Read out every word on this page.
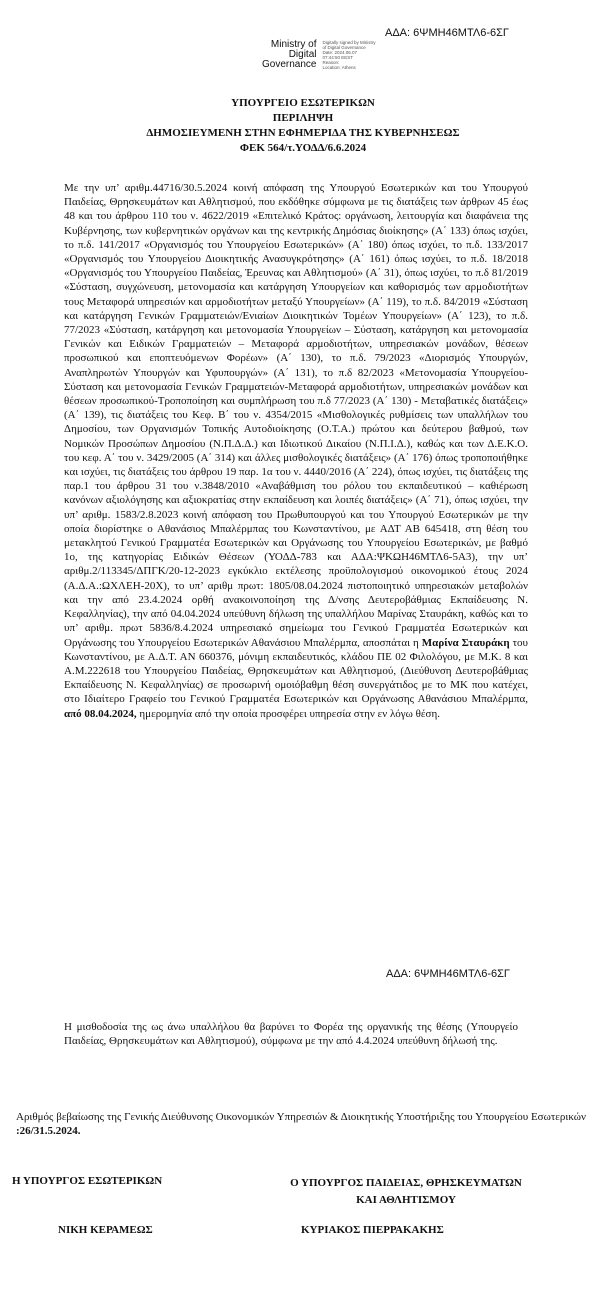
ΑΔΑ: 6ΨΜΗ46ΜΤΛ6-6ΣΓ
Ministry of
Digital
Governance
Digitally signed by Ministry
of Digital Governance
Date: 2024.06.07
07:44:50 EEST
Reason:
Location: Athens
ΥΠΟΥΡΓΕΙΟ ΕΣΩΤΕΡΙΚΩΝ
ΠΕΡΙΛΗΨΗ
ΔΗΜΟΣΙΕΥΜΕΝΗ ΣΤΗΝ ΕΦΗΜΕΡΙΔΑ ΤΗΣ ΚΥΒΕΡΝΗΣΕΩΣ
ΦΕΚ 564/τ.ΥΟΔΔ/6.6.2024

Με την υπ’ αριθμ.44716/30.5.2024 κοινή απόφαση της Υπουργού Εσωτερικών και του Υπουργού Παιδείας, Θρησκευμάτων και Αθλητισμού, που εκδόθηκε σύμφωνα με τις διατάξεις των άρθρων 45 έως 48 και του άρθρου 110 του ν. 4622/2019 «Επιτελικό Κράτος: οργάνωση, λειτουργία και διαφάνεια της Κυβέρνησης, των κυβερνητικών οργάνων και της κεντρικής Δημόσιας διοίκησης» (Α΄ 133) όπως ισχύει, το π.δ. 141/2017 «Οργανισμός του Υπουργείου Εσωτερικών» (Α΄ 180) όπως ισχύει, το π.δ. 133/2017 «Οργανισμός του Υπουργείου Διοικητικής Ανασυγκρότησης» (Α΄ 161) όπως ισχύει, το π.δ. 18/2018 «Οργανισμός του Υπουργείου Παιδείας, Έρευνας και Αθλητισμού» (Α΄ 31), όπως ισχύει, το π.δ 81/2019 «Σύσταση, συγχώνευση, μετονομασία και κατάργηση Υπουργείων και καθορισμός των αρμοδιοτήτων τους Μεταφορά υπηρεσιών και αρμοδιοτήτων μεταξύ Υπουργείων» (Α΄ 119), το π.δ. 84/2019 «Σύσταση και κατάργηση Γενικών Γραμματειών/Ενιαίων Διοικητικών Τομέων Υπουργείων» (Α΄ 123), το π.δ. 77/2023 «Σύσταση, κατάργηση και μετονομασία Υπουργείων – Σύσταση, κατάργηση και μετονομασία Γενικών και Ειδικών Γραμματειών – Μεταφορά αρμοδιοτήτων, υπηρεσιακών μονάδων, θέσεων προσωπικού και εποπτευόμενων Φορέων» (Α΄ 130), το π.δ. 79/2023 «Διορισμός Υπουργών, Αναπληρωτών Υπουργών και Υφυπουργών» (Α΄ 131), το π.δ 82/2023 «Μετονομασία Υπουργείου-Σύσταση και μετονομασία Γενικών Γραμματειών-Μεταφορά αρμοδιοτήτων, υπηρεσιακών μονάδων και θέσεων προσωπικού-Τροποποίηση και συμπλήρωση του π.δ 77/2023 (Α΄ 130) - Μεταβατικές διατάξεις» (Α΄ 139), τις διατάξεις του Κεφ. Β΄ του ν. 4354/2015 «Μισθολογικές ρυθμίσεις των υπαλλήλων του Δημοσίου, των Οργανισμών Τοπικής Αυτοδιοίκησης (Ο.Τ.Α.) πρώτου και δεύτερου βαθμού, των Νομικών Προσώπων Δημοσίου (Ν.Π.Δ.Δ.) και Ιδιωτικού Δικαίου (Ν.Π.Ι.Δ.), καθώς και των Δ.Ε.Κ.Ο. του κεφ. Α΄ του ν. 3429/2005 (Α΄ 314) και άλλες μισθολογικές διατάξεις» (Α΄ 176) όπως τροποποιήθηκε και ισχύει, τις διατάξεις του άρθρου 19 παρ. 1α του ν. 4440/2016 (Α΄ 224), όπως ισχύει, τις διατάξεις της παρ.1 του άρθρου 31 του ν.3848/2010 «Αναβάθμιση του ρόλου του εκπαιδευτικού – καθιέρωση κανόνων αξιολόγησης και αξιοκρατίας στην εκπαίδευση και λοιπές διατάξεις» (Α΄ 71), όπως ισχύει, την υπ’ αριθμ. 1583/2.8.2023 κοινή απόφαση του Πρωθυπουργού και του Υπουργού Εσωτερικών με την οποία διορίστηκε ο Αθανάσιος Μπαλέρμπας του Κωνσταντίνου, με ΑΔΤ ΑΒ 645418, στη θέση του μετακλητού Γενικού Γραμματέα Εσωτερικών και Οργάνωσης του Υπουργείου Εσωτερικών, με βαθμό 1ο, της κατηγορίας Ειδικών Θέσεων (ΥΟΔΔ-783 και ΑΔΑ:ΨΚΩΗ46ΜΤΛ6-5Α3), την υπ’ αριθμ.2/113345/ΔΠΓΚ/20-12-2023 εγκύκλιο εκτέλεσης προϋπολογισμού οικονομικού έτους 2024 (Α.Δ.Α.:ΩΧΛΕΗ-20Χ), το υπ’ αριθμ πρωτ: 1805/08.04.2024 πιστοποιητικό υπηρεσιακών μεταβολών και την από 23.4.2024 ορθή ανακοινοποίηση της Δ/νσης Δευτεροβάθμιας Εκπαίδευσης Ν. Κεφαλληνίας), την από 04.04.2024 υπεύθυνη δήλωση της υπαλλήλου Μαρίνας Σταυράκη, καθώς και το υπ’ αριθμ. πρωτ 5836/8.4.2024 υπηρεσιακό σημείωμα του Γενικού Γραμματέα Εσωτερικών και Οργάνωσης του Υπουργείου Εσωτερικών Αθανάσιου Μπαλέρμπα, αποσπάται η Μαρίνα Σταυράκη του Κωνσταντίνου, με Α.Δ.Τ. ΑΝ 660376, μόνιμη εκπαιδευτικός, κλάδου ΠΕ 02 Φιλολόγου, με Μ.Κ. 8 και Α.Μ.222618 του Υπουργείου Παιδείας, Θρησκευμάτων και Αθλητισμού, (Διεύθυνση Δευτεροβάθμιας Εκπαίδευσης Ν. Κεφαλληνίας) σε προσωρινή ομοιόβαθμη θέση συνεργάτιδος με το ΜΚ που κατέχει, στο Ιδιαίτερο Γραφείο του Γενικού Γραμματέα Εσωτερικών και Οργάνωσης Αθανάσιου Μπαλέρμπα, από 08.04.2024, ημερομηνία από την οποία προσφέρει υπηρεσία στην εν λόγω θέση.

ΑΔΑ: 6ΨΜΗ46ΜΤΛ6-6ΣΓ

Η μισθοδοσία της ως άνω υπαλλήλου θα βαρύνει το Φορέα της οργανικής της θέσης (Υπουργείο Παιδείας, Θρησκευμάτων και Αθλητισμού), σύμφωνα με την από 4.4.2024 υπεύθυνη δήλωσή της.

Αριθμός βεβαίωσης της Γενικής Διεύθυνσης Οικονομικών Υπηρεσιών & Διοικητικής Υποστήριξης του Υπουργείου Εσωτερικών :26/31.5.2024.

Η ΥΠΟΥΡΓΟΣ ΕΣΩΤΕΡΙΚΩΝ	Ο ΥΠΟΥΡΓΟΣ ΠΑΙΔΕΙΑΣ, ΘΡΗΣΚΕΥΜΑΤΩΝ
ΚΑΙ ΑΘΛΗΤΙΣΜΟΥ
ΝΙΚΗ ΚΕΡΑΜΕΩΣ	ΚΥΡΙΑΚΟΣ ΠΙΕΡΡΑΚΑΚΗΣ
